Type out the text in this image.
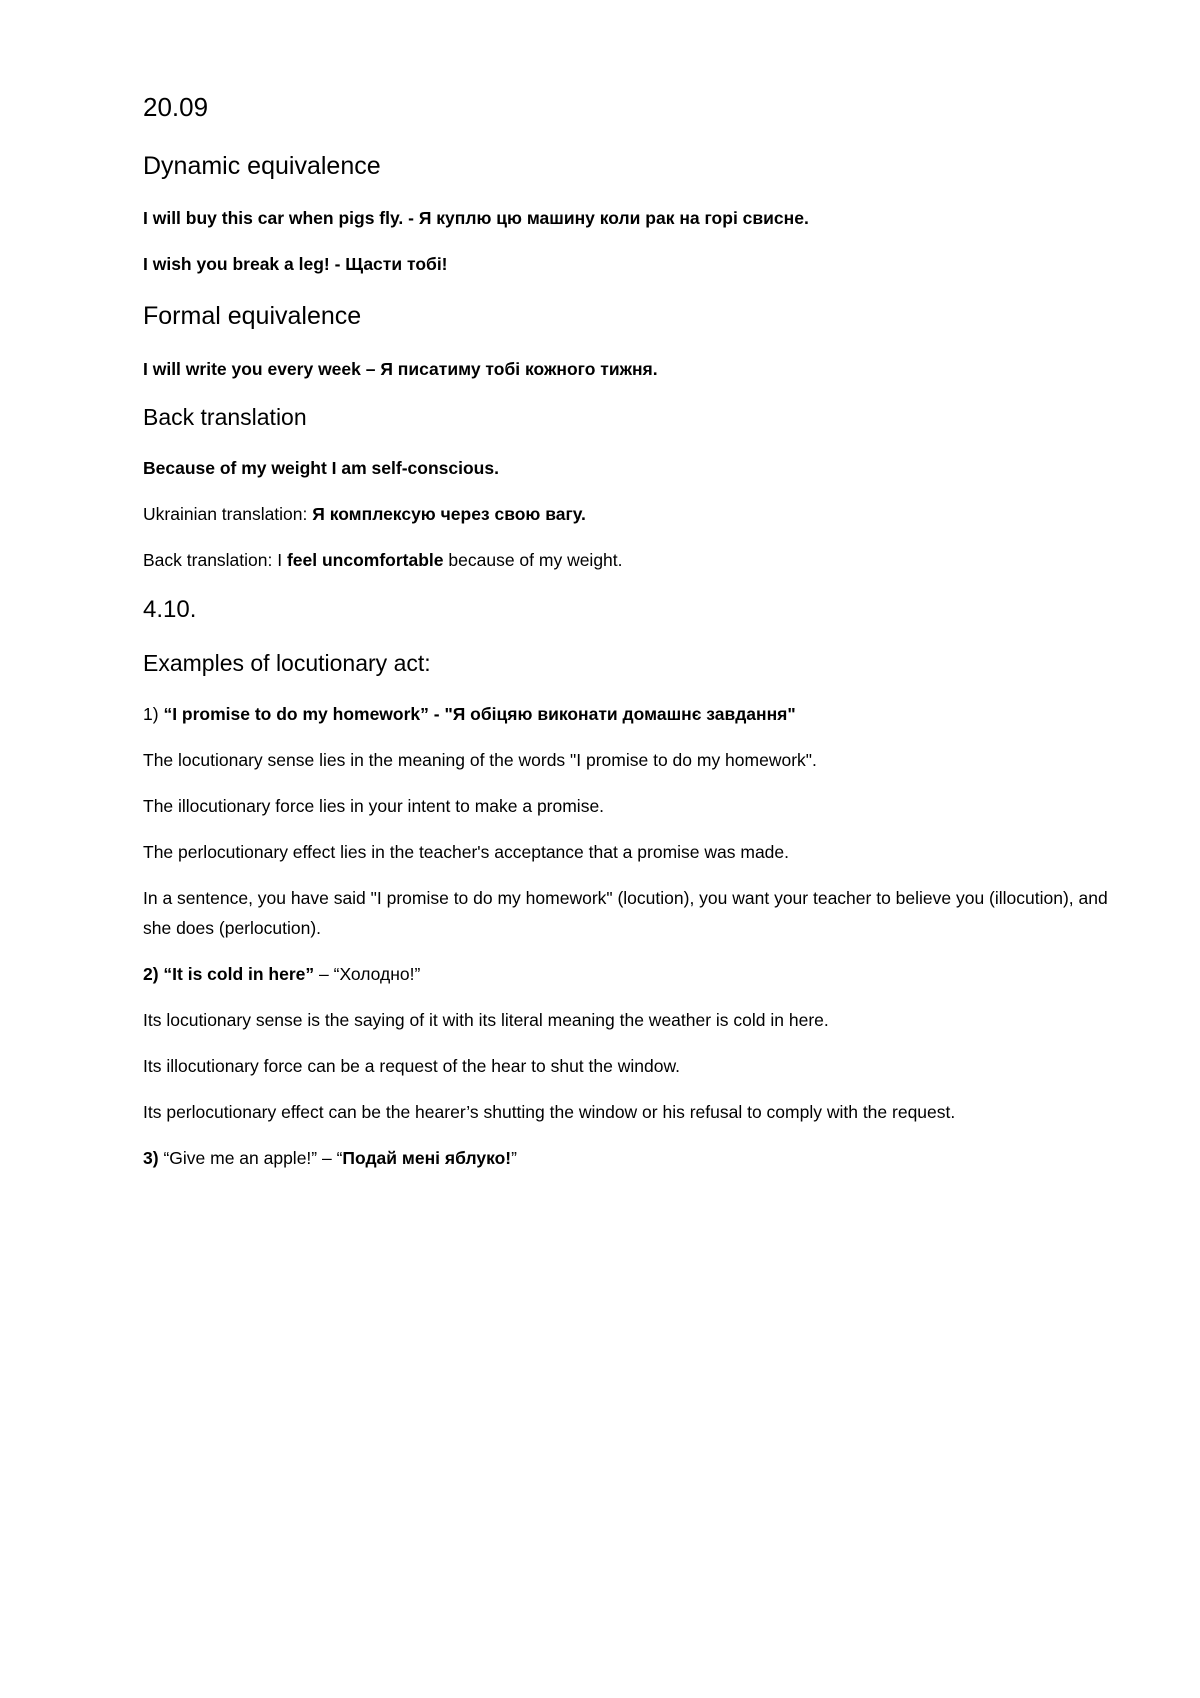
20.09
Dynamic equivalence
I will buy this car when pigs fly. - Я куплю цю машину коли рак на горі свисне.
I wish you break a leg! - Щасти тобі!
Formal equivalence
I will write you every week – Я писатиму тобі кожного тижня.
Back translation
Because of my weight I am self-conscious.
Ukrainian translation: Я комплексую через свою вагу.
Back translation: I feel uncomfortable because of my weight.
4.10.
Examples of locutionary act:
1) “I promise to do my homework” - "Я обіцяю виконати домашнє завдання"
The locutionary sense lies in the meaning of the words "I promise to do my homework".
The illocutionary force lies in your intent to make a promise.
The perlocutionary effect lies in the teacher's acceptance that a promise was made.
In a sentence, you have said "I promise to do my homework" (locution), you want your teacher to believe you (illocution), and she does (perlocution).
2) “It is cold in here” – “Холодно!”
Its locutionary sense is the saying of it with its literal meaning the weather is cold in here.
Its illocutionary force can be a request of the hear to shut the window.
Its perlocutionary effect can be the hearer’s shutting the window or his refusal to comply with the request.
3) “Give me an apple!” – “Подай мені яблуко!”
